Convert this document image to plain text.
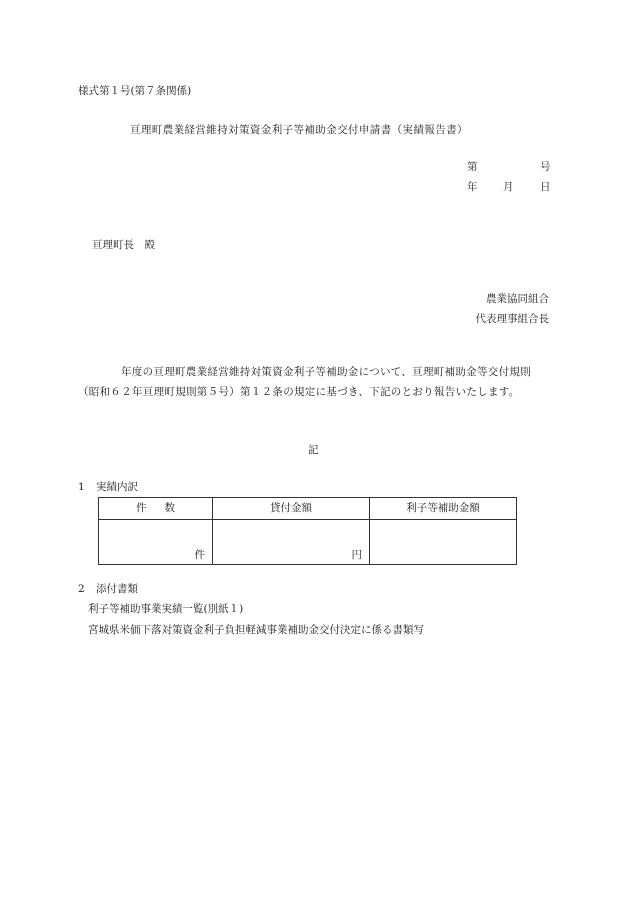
様式第１号(第７条関係)
亘理町農業経営維持対策資金利子等補助金交付申請書（実績報告書）
第	号
年 月	日
亘理町長　殿
農業協同組合
代表理事組合長
年度の亘理町農業経営維持対策資金利子等補助金について、亘理町補助金等交付規則（昭和６２年亘理町規則第５号）第１２条の規定に基づき、下記のとおり報告いたします。
記
1 実績内訳
件数	貸付金額	利子等補助金額
件	円	
2 添付書類
利子等補助事業実績一覧(別紙１)
宮城県米価下落対策資金利子負担軽減事業補助金交付決定に係る書類写
